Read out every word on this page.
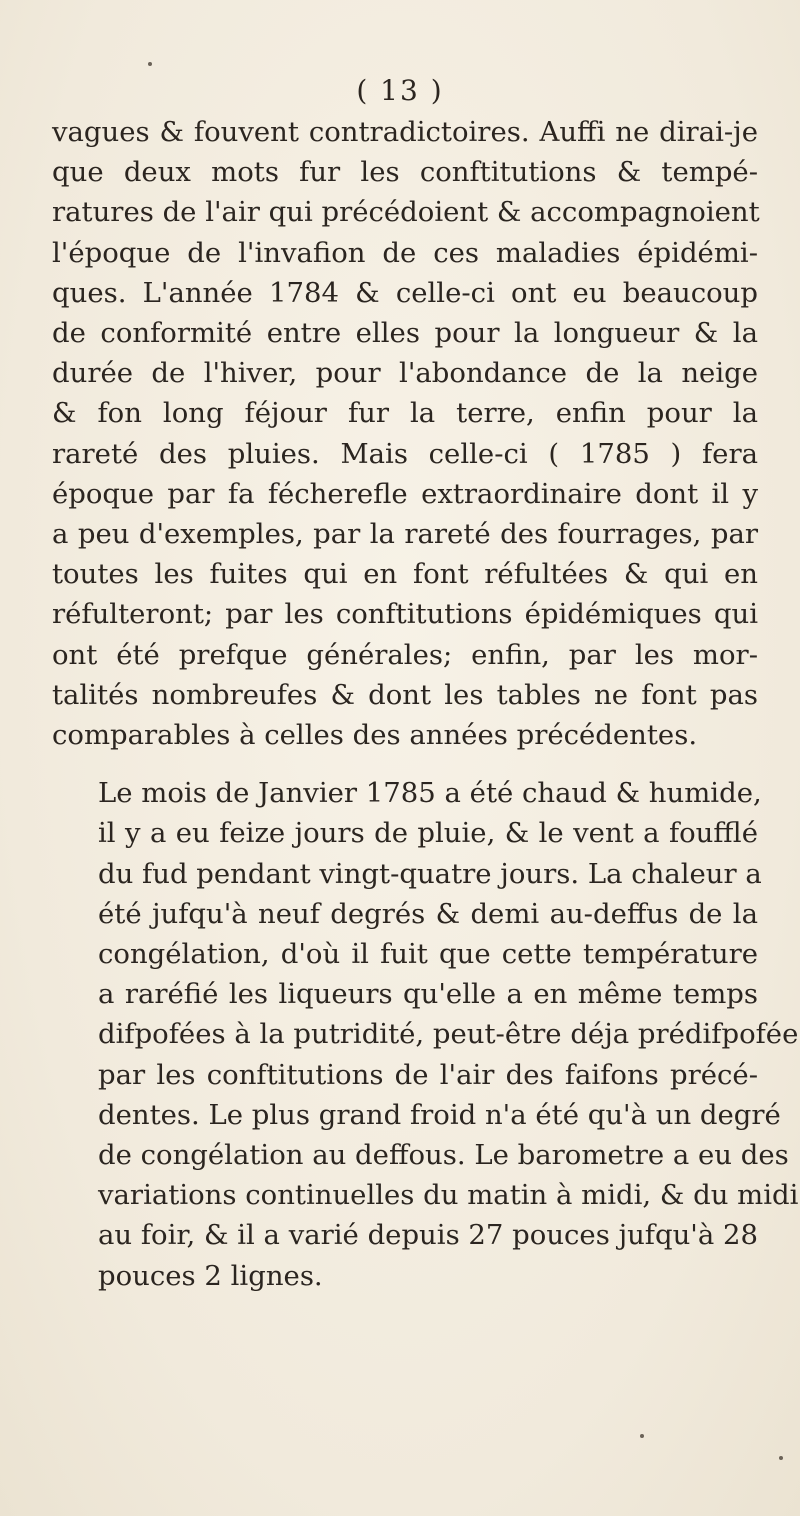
( 13 )

vagues & fouvent contradictoires. Auffi ne dirai-je
que deux mots fur les conftitutions & tempé-
ratures de l'air qui précédoient & accompagnoient
l'époque de l'invafion de ces maladies épidémi-
ques. L'année 1784 & celle-ci ont eu beaucoup
de conformité entre elles pour la longueur & la
durée de l'hiver, pour l'abondance de la neige
& fon long féjour fur la terre, enfin pour la
rareté des pluies. Mais celle-ci ( 1785 ) fera
époque par fa fécherefle extraordinaire dont il y
a peu d'exemples, par la rareté des fourrages, par
toutes les fuites qui en font réfultées & qui en
réfulteront; par les conftitutions épidémiques qui
ont été prefque générales; enfin, par les mor-
talités nombreufes & dont les tables ne font pas
comparables à celles des années précédentes.

Le mois de Janvier 1785 a été chaud & humide,
il y a eu feize jours de pluie, & le vent a foufflé
du fud pendant vingt-quatre jours. La chaleur a
été jufqu'à neuf degrés & demi au-deffus de la
congélation, d'où il fuit que cette température
a raréfié les liqueurs qu'elle a en même temps
difpofées à la putridité, peut-être déja prédifpofée
par les conftitutions de l'air des faifons précé-
dentes. Le plus grand froid n'a été qu'à un degré
de congélation au deffous. Le barometre a eu des
variations continuelles du matin à midi, & du midi
au foir, & il a varié depuis 27 pouces jufqu'à 28
pouces 2 lignes.
